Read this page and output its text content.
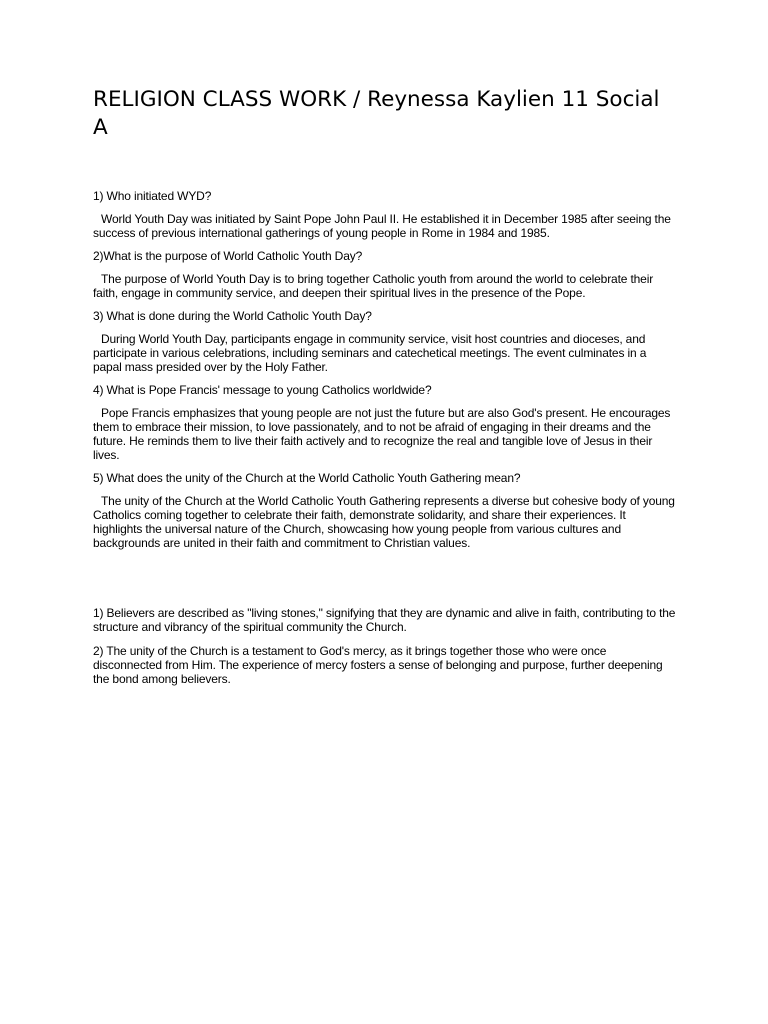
RELIGION CLASS WORK / Reynessa Kaylien 11 Social A

1) Who initiated WYD?

World Youth Day was initiated by Saint Pope John Paul II. He established it in December 1985 after seeing the success of previous international gatherings of young people in Rome in 1984 and 1985.

2)What is the purpose of World Catholic Youth Day?

The purpose of World Youth Day is to bring together Catholic youth from around the world to celebrate their faith, engage in community service, and deepen their spiritual lives in the presence of the Pope.

3) What is done during the World Catholic Youth Day?

During World Youth Day, participants engage in community service, visit host countries and dioceses, and participate in various celebrations, including seminars and catechetical meetings. The event culminates in a papal mass presided over by the Holy Father.

4) What is Pope Francis' message to young Catholics worldwide?

Pope Francis emphasizes that young people are not just the future but are also God's present. He encourages them to embrace their mission, to love passionately, and to not be afraid of engaging in their dreams and the future. He reminds them to live their faith actively and to recognize the real and tangible love of Jesus in their lives.

5) What does the unity of the Church at the World Catholic Youth Gathering mean?

The unity of the Church at the World Catholic Youth Gathering represents a diverse but cohesive body of young Catholics coming together to celebrate their faith, demonstrate solidarity, and share their experiences. It highlights the universal nature of the Church, showcasing how young people from various cultures and backgrounds are united in their faith and commitment to Christian values.

1) Believers are described as "living stones," signifying that they are dynamic and alive in faith, contributing to the structure and vibrancy of the spiritual community the Church.

2) The unity of the Church is a testament to God's mercy, as it brings together those who were once disconnected from Him. The experience of mercy fosters a sense of belonging and purpose, further deepening the bond among believers.
